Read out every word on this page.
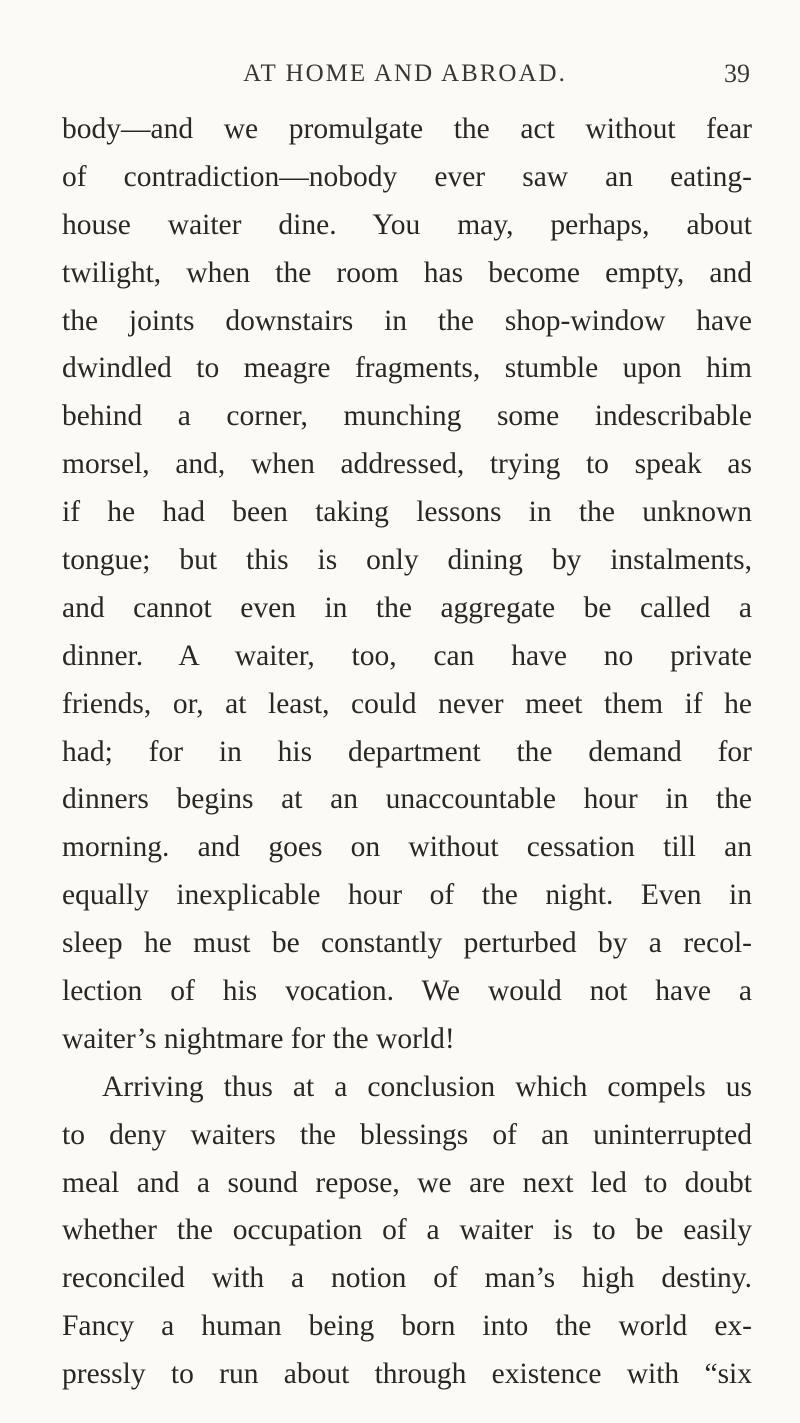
AT HOME AND ABROAD.	39
body—and we promulgate the act without fear
of contradiction—nobody ever saw an eating-
house waiter dine. You may, perhaps, about
twilight, when the room has become empty, and
the joints downstairs in the shop-window have
dwindled to meagre fragments, stumble upon him
behind a corner, munching some indescribable
morsel, and, when addressed, trying to speak as
if he had been taking lessons in the unknown
tongue; but this is only dining by instalments,
and cannot even in the aggregate be called a
dinner. A waiter, too, can have no private
friends, or, at least, could never meet them if he
had; for in his department the demand for
dinners begins at an unaccountable hour in the
morning. and goes on without cessation till an
equally inexplicable hour of the night. Even in
sleep he must be constantly perturbed by a recol-
lection of his vocation. We would not have a
waiter’s nightmare for the world!
Arriving thus at a conclusion which compels us
to deny waiters the blessings of an uninterrupted
meal and a sound repose, we are next led to doubt
whether the occupation of a waiter is to be easily
reconciled with a notion of man’s high destiny.
Fancy a human being born into the world ex-
pressly to run about through existence with “six
